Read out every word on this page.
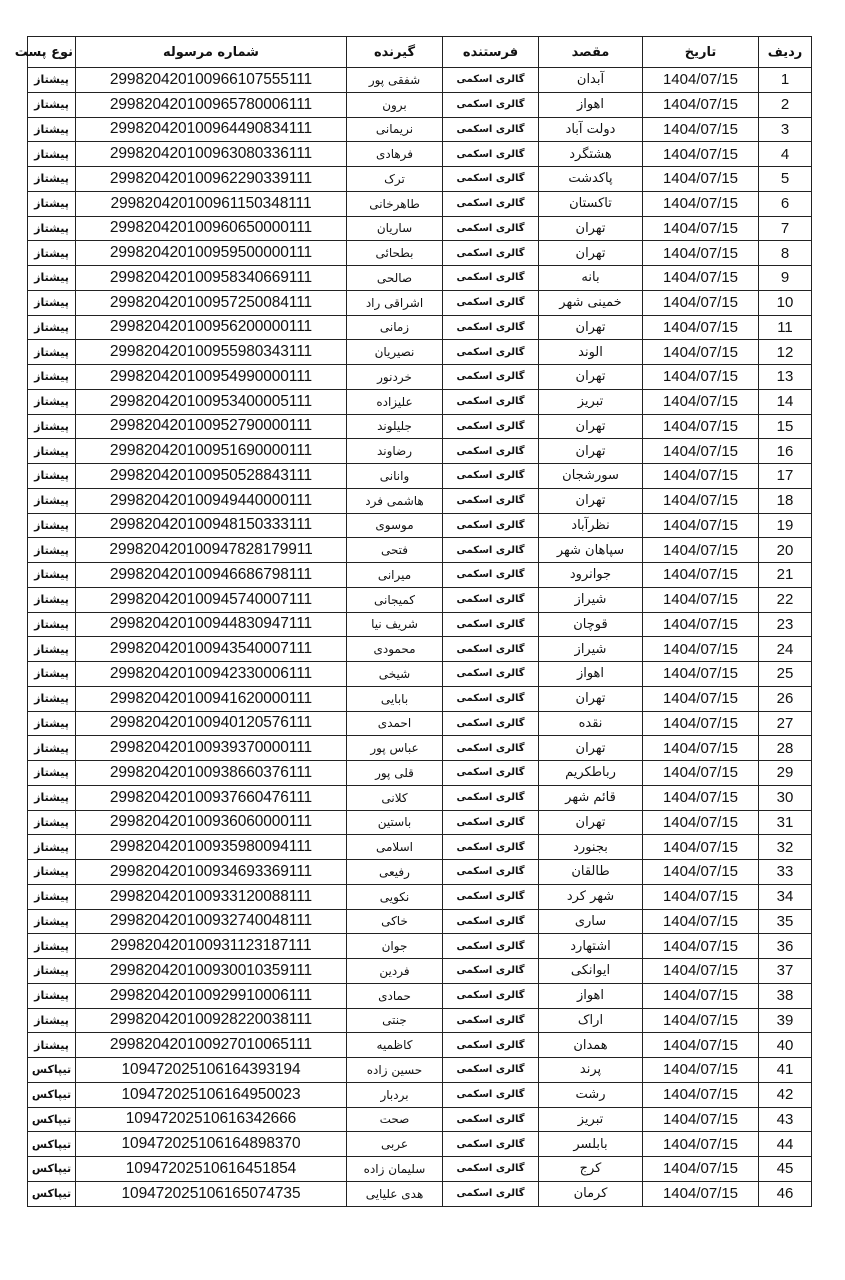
ردیف	تاریخ	مقصد	فرستنده	گیرنده	شماره مرسوله	نوع پست
1	1404/07/15	آبدان	گالری اسکمی	شفقی پور	299820420100966107555111	پیشتاز
2	1404/07/15	اهواز	گالری اسکمی	برون	299820420100965780006111	پیشتاز
3	1404/07/15	دولت آباد	گالری اسکمی	نریمانی	299820420100964490834111	پیشتاز
4	1404/07/15	هشتگرد	گالری اسکمی	فرهادی	299820420100963080336111	پیشتاز
5	1404/07/15	پاکدشت	گالری اسکمی	ترک	299820420100962290339111	پیشتاز
6	1404/07/15	تاکستان	گالری اسکمی	طاهرخانی	299820420100961150348111	پیشتاز
7	1404/07/15	تهران	گالری اسکمی	ساریان	299820420100960650000111	پیشتاز
8	1404/07/15	تهران	گالری اسکمی	بطحائی	299820420100959500000111	پیشتاز
9	1404/07/15	بانه	گالری اسکمی	صالحی	299820420100958340669111	پیشتاز
10	1404/07/15	خمینی شهر	گالری اسکمی	اشراقی راد	299820420100957250084111	پیشتاز
11	1404/07/15	تهران	گالری اسکمی	زمانی	299820420100956200000111	پیشتاز
12	1404/07/15	الوند	گالری اسکمی	نصیریان	299820420100955980343111	پیشتاز
13	1404/07/15	تهران	گالری اسکمی	خردنور	299820420100954990000111	پیشتاز
14	1404/07/15	تبریز	گالری اسکمی	علیزاده	299820420100953400005111	پیشتاز
15	1404/07/15	تهران	گالری اسکمی	جلیلوند	299820420100952790000111	پیشتاز
16	1404/07/15	تهران	گالری اسکمی	رضاوند	299820420100951690000111	پیشتاز
17	1404/07/15	سورشجان	گالری اسکمی	وانانی	299820420100950528843111	پیشتاز
18	1404/07/15	تهران	گالری اسکمی	هاشمی فرد	299820420100949440000111	پیشتاز
19	1404/07/15	نظرآباد	گالری اسکمی	موسوی	299820420100948150333111	پیشتاز
20	1404/07/15	سپاهان شهر	گالری اسکمی	فتحی	299820420100947828179911	پیشتاز
21	1404/07/15	جوانرود	گالری اسکمی	میرانی	299820420100946686798111	پیشتاز
22	1404/07/15	شیراز	گالری اسکمی	کمیجانی	299820420100945740007111	پیشتاز
23	1404/07/15	قوچان	گالری اسکمی	شریف نیا	299820420100944830947111	پیشتاز
24	1404/07/15	شیراز	گالری اسکمی	محمودی	299820420100943540007111	پیشتاز
25	1404/07/15	اهواز	گالری اسکمی	شیخی	299820420100942330006111	پیشتاز
26	1404/07/15	تهران	گالری اسکمی	بابایی	299820420100941620000111	پیشتاز
27	1404/07/15	نقده	گالری اسکمی	احمدی	299820420100940120576111	پیشتاز
28	1404/07/15	تهران	گالری اسکمی	عباس پور	299820420100939370000111	پیشتاز
29	1404/07/15	رباطکریم	گالری اسکمی	قلی پور	299820420100938660376111	پیشتاز
30	1404/07/15	قائم شهر	گالری اسکمی	کلانی	299820420100937660476111	پیشتاز
31	1404/07/15	تهران	گالری اسکمی	باستین	299820420100936060000111	پیشتاز
32	1404/07/15	بجنورد	گالری اسکمی	اسلامی	299820420100935980094111	پیشتاز
33	1404/07/15	طالقان	گالری اسکمی	رفیعی	299820420100934693369111	پیشتاز
34	1404/07/15	شهر کرد	گالری اسکمی	نکویی	299820420100933120088111	پیشتاز
35	1404/07/15	ساری	گالری اسکمی	خاکی	299820420100932740048111	پیشتاز
36	1404/07/15	اشتهارد	گالری اسکمی	جوان	299820420100931123187111	پیشتاز
37	1404/07/15	ایوانکی	گالری اسکمی	فردین	299820420100930010359111	پیشتاز
38	1404/07/15	اهواز	گالری اسکمی	حمادی	299820420100929910006111	پیشتاز
39	1404/07/15	اراک	گالری اسکمی	جنتی	299820420100928220038111	پیشتاز
40	1404/07/15	همدان	گالری اسکمی	کاظمیه	299820420100927010065111	پیشتاز
41	1404/07/15	پرند	گالری اسکمی	حسین زاده	109472025106164393194	تیپاکس
42	1404/07/15	رشت	گالری اسکمی	بردبار	109472025106164950023	تیپاکس
43	1404/07/15	تبریز	گالری اسکمی	صحت	10947202510616342666	تیپاکس
44	1404/07/15	بابلسر	گالری اسکمی	عربی	109472025106164898370	تیپاکس
45	1404/07/15	کرج	گالری اسکمی	سلیمان زاده	10947202510616451854	تیپاکس
46	1404/07/15	کرمان	گالری اسکمی	هدی علیایی	109472025106165074735	تیپاکس
